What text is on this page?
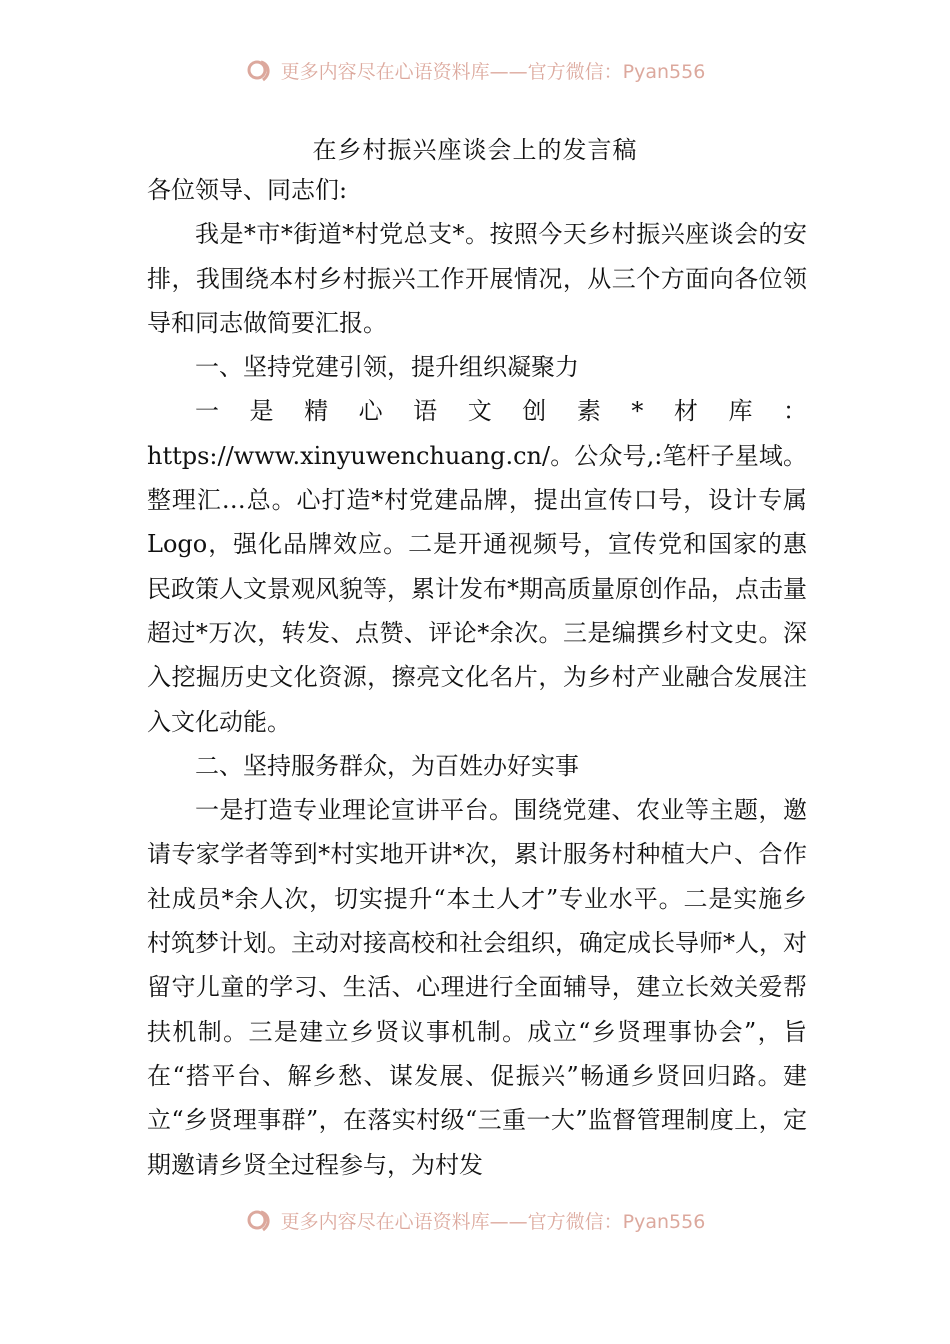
更多内容尽在心语资料库——官方微信：Pyan556
在乡村振兴座谈会上的发言稿

各位领导、同志们:

我是*市*街道*村党总支*。按照今天乡村振兴座谈会的安排，我围绕本村乡村振兴工作开展情况，从三个方面向各位领导和同志做简要汇报。

一、坚持党建引领，提升组织凝聚力

一是精心语文创素*材库：https://www.xinyuwenchuang.cn/。公众号,:笔杆子星域。整理汇…总。心打造*村党建品牌，提出宣传口号，设计专属Logo，强化品牌效应。二是开通视频号，宣传党和国家的惠民政策人文景观风貌等，累计发布*期高质量原创作品，点击量超过*万次，转发、点赞、评论*余次。三是编撰乡村文史。深入挖掘历史文化资源，擦亮文化名片，为乡村产业融合发展注入文化动能。

二、坚持服务群众，为百姓办好实事

一是打造专业理论宣讲平台。围绕党建、农业等主题，邀请专家学者等到*村实地开讲*次，累计服务村种植大户、合作社成员*余人次，切实提升“本土人才”专业水平。二是实施乡村筑梦计划。主动对接高校和社会组织，确定成长导师*人，对留守儿童的学习、生活、心理进行全面辅导，建立长效关爱帮扶机制。三是建立乡贤议事机制。成立“乡贤理事协会”，旨在“搭平台、解乡愁、谋发展、促振兴”畅通乡贤回归路。建立“乡贤理事群”，在落实村级“三重一大”监督管理制度上，定期邀请乡贤全过程参与，为村发

更多内容尽在心语资料库——官方微信：Pyan556
